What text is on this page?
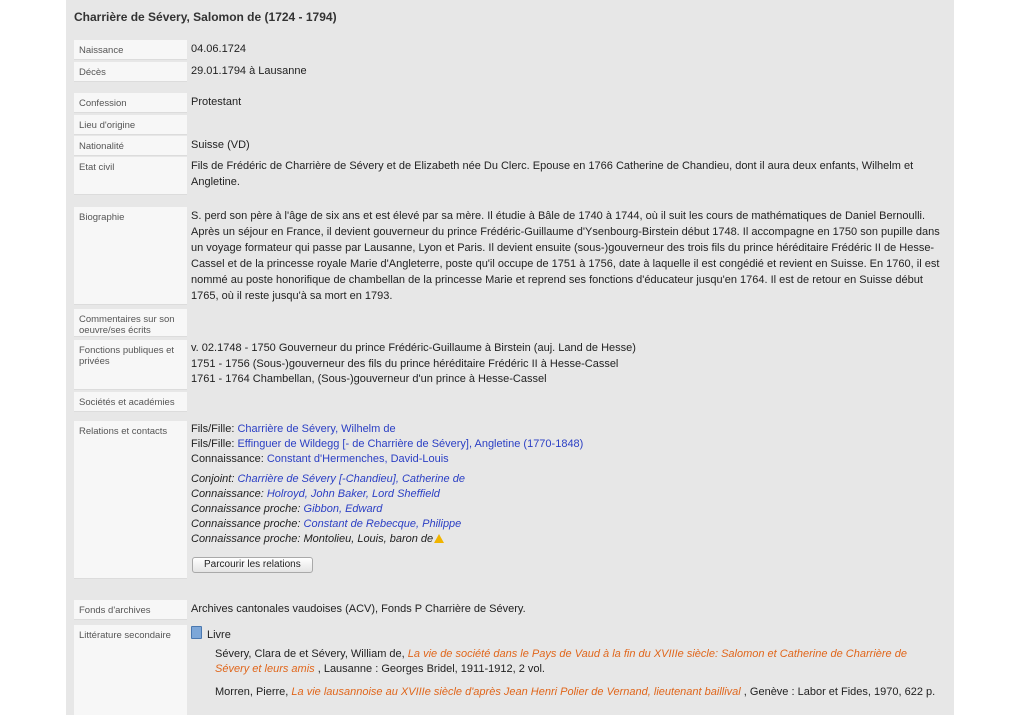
Charrière de Sévery, Salomon de (1724 - 1794)
Naissance	04.06.1724
Décès	29.01.1794 à Lausanne
Confession	Protestant
Lieu d'origine
Nationalité	Suisse (VD)
Etat civil	Fils de Frédéric de Charrière de Sévery et de Elizabeth née Du Clerc. Epouse en 1766 Catherine de Chandieu, dont il aura deux enfants, Wilhelm et Angletine.
Biographie	S. perd son père à l'âge de six ans et est élevé par sa mère. Il étudie à Bâle de 1740 à 1744, où il suit les cours de mathématiques de Daniel Bernoulli. Après un séjour en France, il devient gouverneur du prince Frédéric-Guillaume d'Ysenbourg-Birstein début 1748. Il accompagne en 1750 son pupille dans un voyage formateur qui passe par Lausanne, Lyon et Paris. Il devient ensuite (sous-)gouverneur des trois fils du prince héréditaire Frédéric II de Hesse-Cassel et de la princesse royale Marie d'Angleterre, poste qu'il occupe de 1751 à 1756, date à laquelle il est congédié et revient en Suisse. En 1760, il est nommé au poste honorifique de chambellan de la princesse Marie et reprend ses fonctions d'éducateur jusqu'en 1764. Il est de retour en Suisse début 1765, où il reste jusqu'à sa mort en 1793.
Commentaires sur son oeuvre/ses écrits
Fonctions publiques et privées

v. 02.1748 - 1750 Gouverneur du prince Frédéric-Guillaume à Birstein (auj. Land de Hesse)

1751 - 1756 (Sous-)gouverneur des fils du prince héréditaire Frédéric II à Hesse-Cassel

1761 - 1764 Chambellan, (Sous-)gouverneur d'un prince à Hesse-Cassel

Sociétés et académies
Relations et contacts	Fils/Fille: Charrière de Sévery, Wilhelm de
Fils/Fille: Effinguer de Wildegg [- de Charrière de Sévery], Angletine (1770-1848)
Connaissance: Constant d'Hermenches, David-Louis
Conjoint: Charrière de Sévery [-Chandieu], Catherine de
Connaissance: Holroyd, John Baker, Lord Sheffield
Connaissance proche: Gibbon, Edward
Connaissance proche: Constant de Rebecque, Philippe
Connaissance proche: Montolieu, Louis, baron de
Parcourir les relations
Fonds d'archives	Archives cantonales vaudoises (ACV), Fonds P Charrière de Sévery.
Littérature secondaire	Livre
Sévery, Clara de et Sévery, William de, La vie de société dans le Pays de Vaud à la fin du XVIIIe siècle: Salomon et Catherine de Charrière de Sévery et leurs amis , Lausanne : Georges Bridel, 1911-1912, 2 vol.
Morren, Pierre, La vie lausannoise au XVIIIe siècle d'après Jean Henri Polier de Vernand, lieutenant baillival , Genève : Labor et Fides, 1970, 622 p.
